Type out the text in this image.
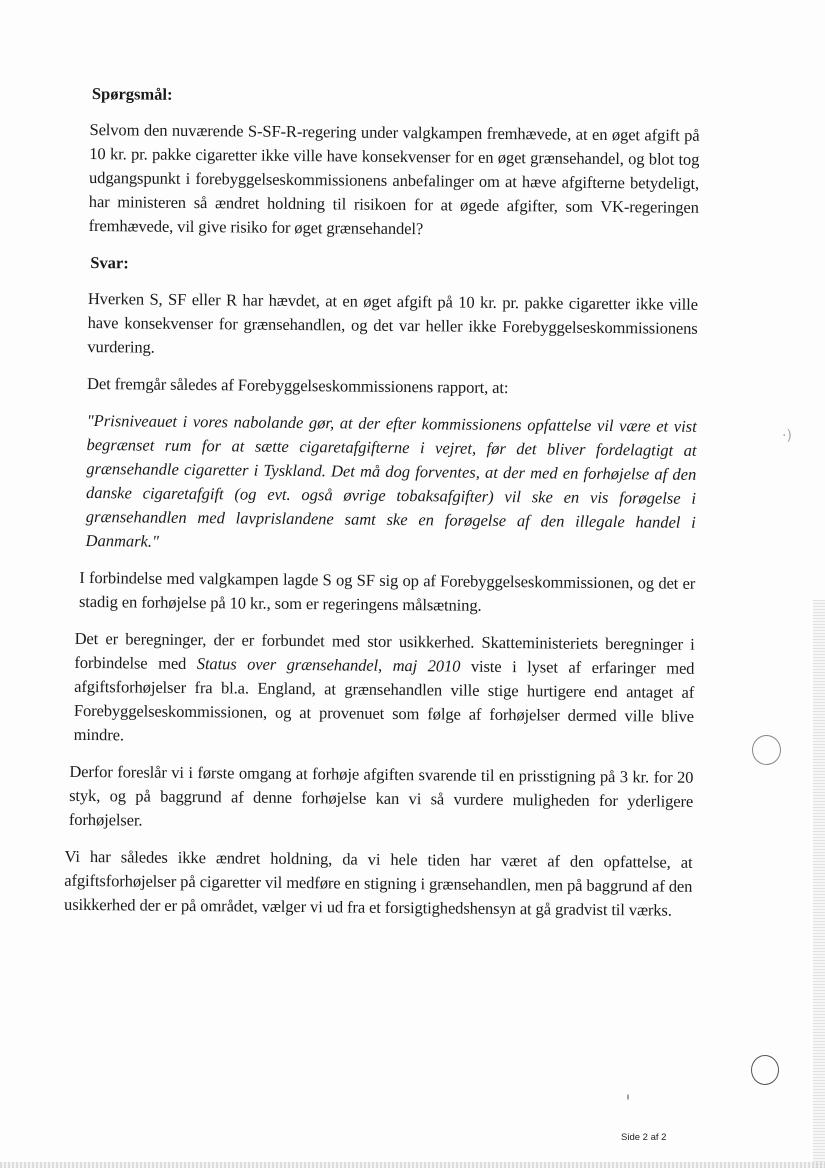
Spørgsmål:

Selvom den nuværende S-SF-R-regering under valgkampen fremhævede, at en øget afgift på 10 kr. pr. pakke cigaretter ikke ville have konsekvenser for en øget grænsehandel, og blot tog udgangspunkt i forebyggelseskommissionens anbefalinger om at hæve afgifterne betydeligt, har ministeren så ændret holdning til risikoen for at øgede afgifter, som VK-regeringen fremhævede, vil give risiko for øget grænsehandel?

Svar:

Hverken S, SF eller R har hævdet, at en øget afgift på 10 kr. pr. pakke cigaretter ikke ville have konsekvenser for grænsehandlen, og det var heller ikke Forebyggelseskommissionens vurdering.

Det fremgår således af Forebyggelseskommissionens rapport, at:

"Prisniveauet i vores nabolande gør, at der efter kommissionens opfattelse vil være et vist begrænset rum for at sætte cigaretafgifterne i vejret, før det bliver fordelagtigt at grænsehandle cigaretter i Tyskland. Det må dog forventes, at der med en forhøjelse af den danske cigaretafgift (og evt. også øvrige tobaksafgifter) vil ske en vis forøgelse i grænsehandlen med lavprislandene samt ske en forøgelse af den illegale handel i Danmark."

I forbindelse med valgkampen lagde S og SF sig op af Forebyggelseskommissionen, og det er stadig en forhøjelse på 10 kr., som er regeringens målsætning.

Det er beregninger, der er forbundet med stor usikkerhed. Skatteministeriets beregninger i forbindelse med Status over grænsehandel, maj 2010 viste i lyset af erfaringer med afgiftsforhøjelser fra bl.a. England, at grænsehandlen ville stige hurtigere end antaget af Forebyggelseskommissionen, og at provenuet som følge af forhøjelser dermed ville blive mindre.

Derfor foreslår vi i første omgang at forhøje afgiften svarende til en prisstigning på 3 kr. for 20 styk, og på baggrund af denne forhøjelse kan vi så vurdere muligheden for yderligere forhøjelser.

Vi har således ikke ændret holdning, da vi hele tiden har været af den opfattelse, at afgiftsforhøjelser på cigaretter vil medføre en stigning i grænsehandlen, men på baggrund af den usikkerhed der er på området, vælger vi ud fra et forsigtighedshensyn at gå gradvist til værks.

Side 2 af 2
·)
